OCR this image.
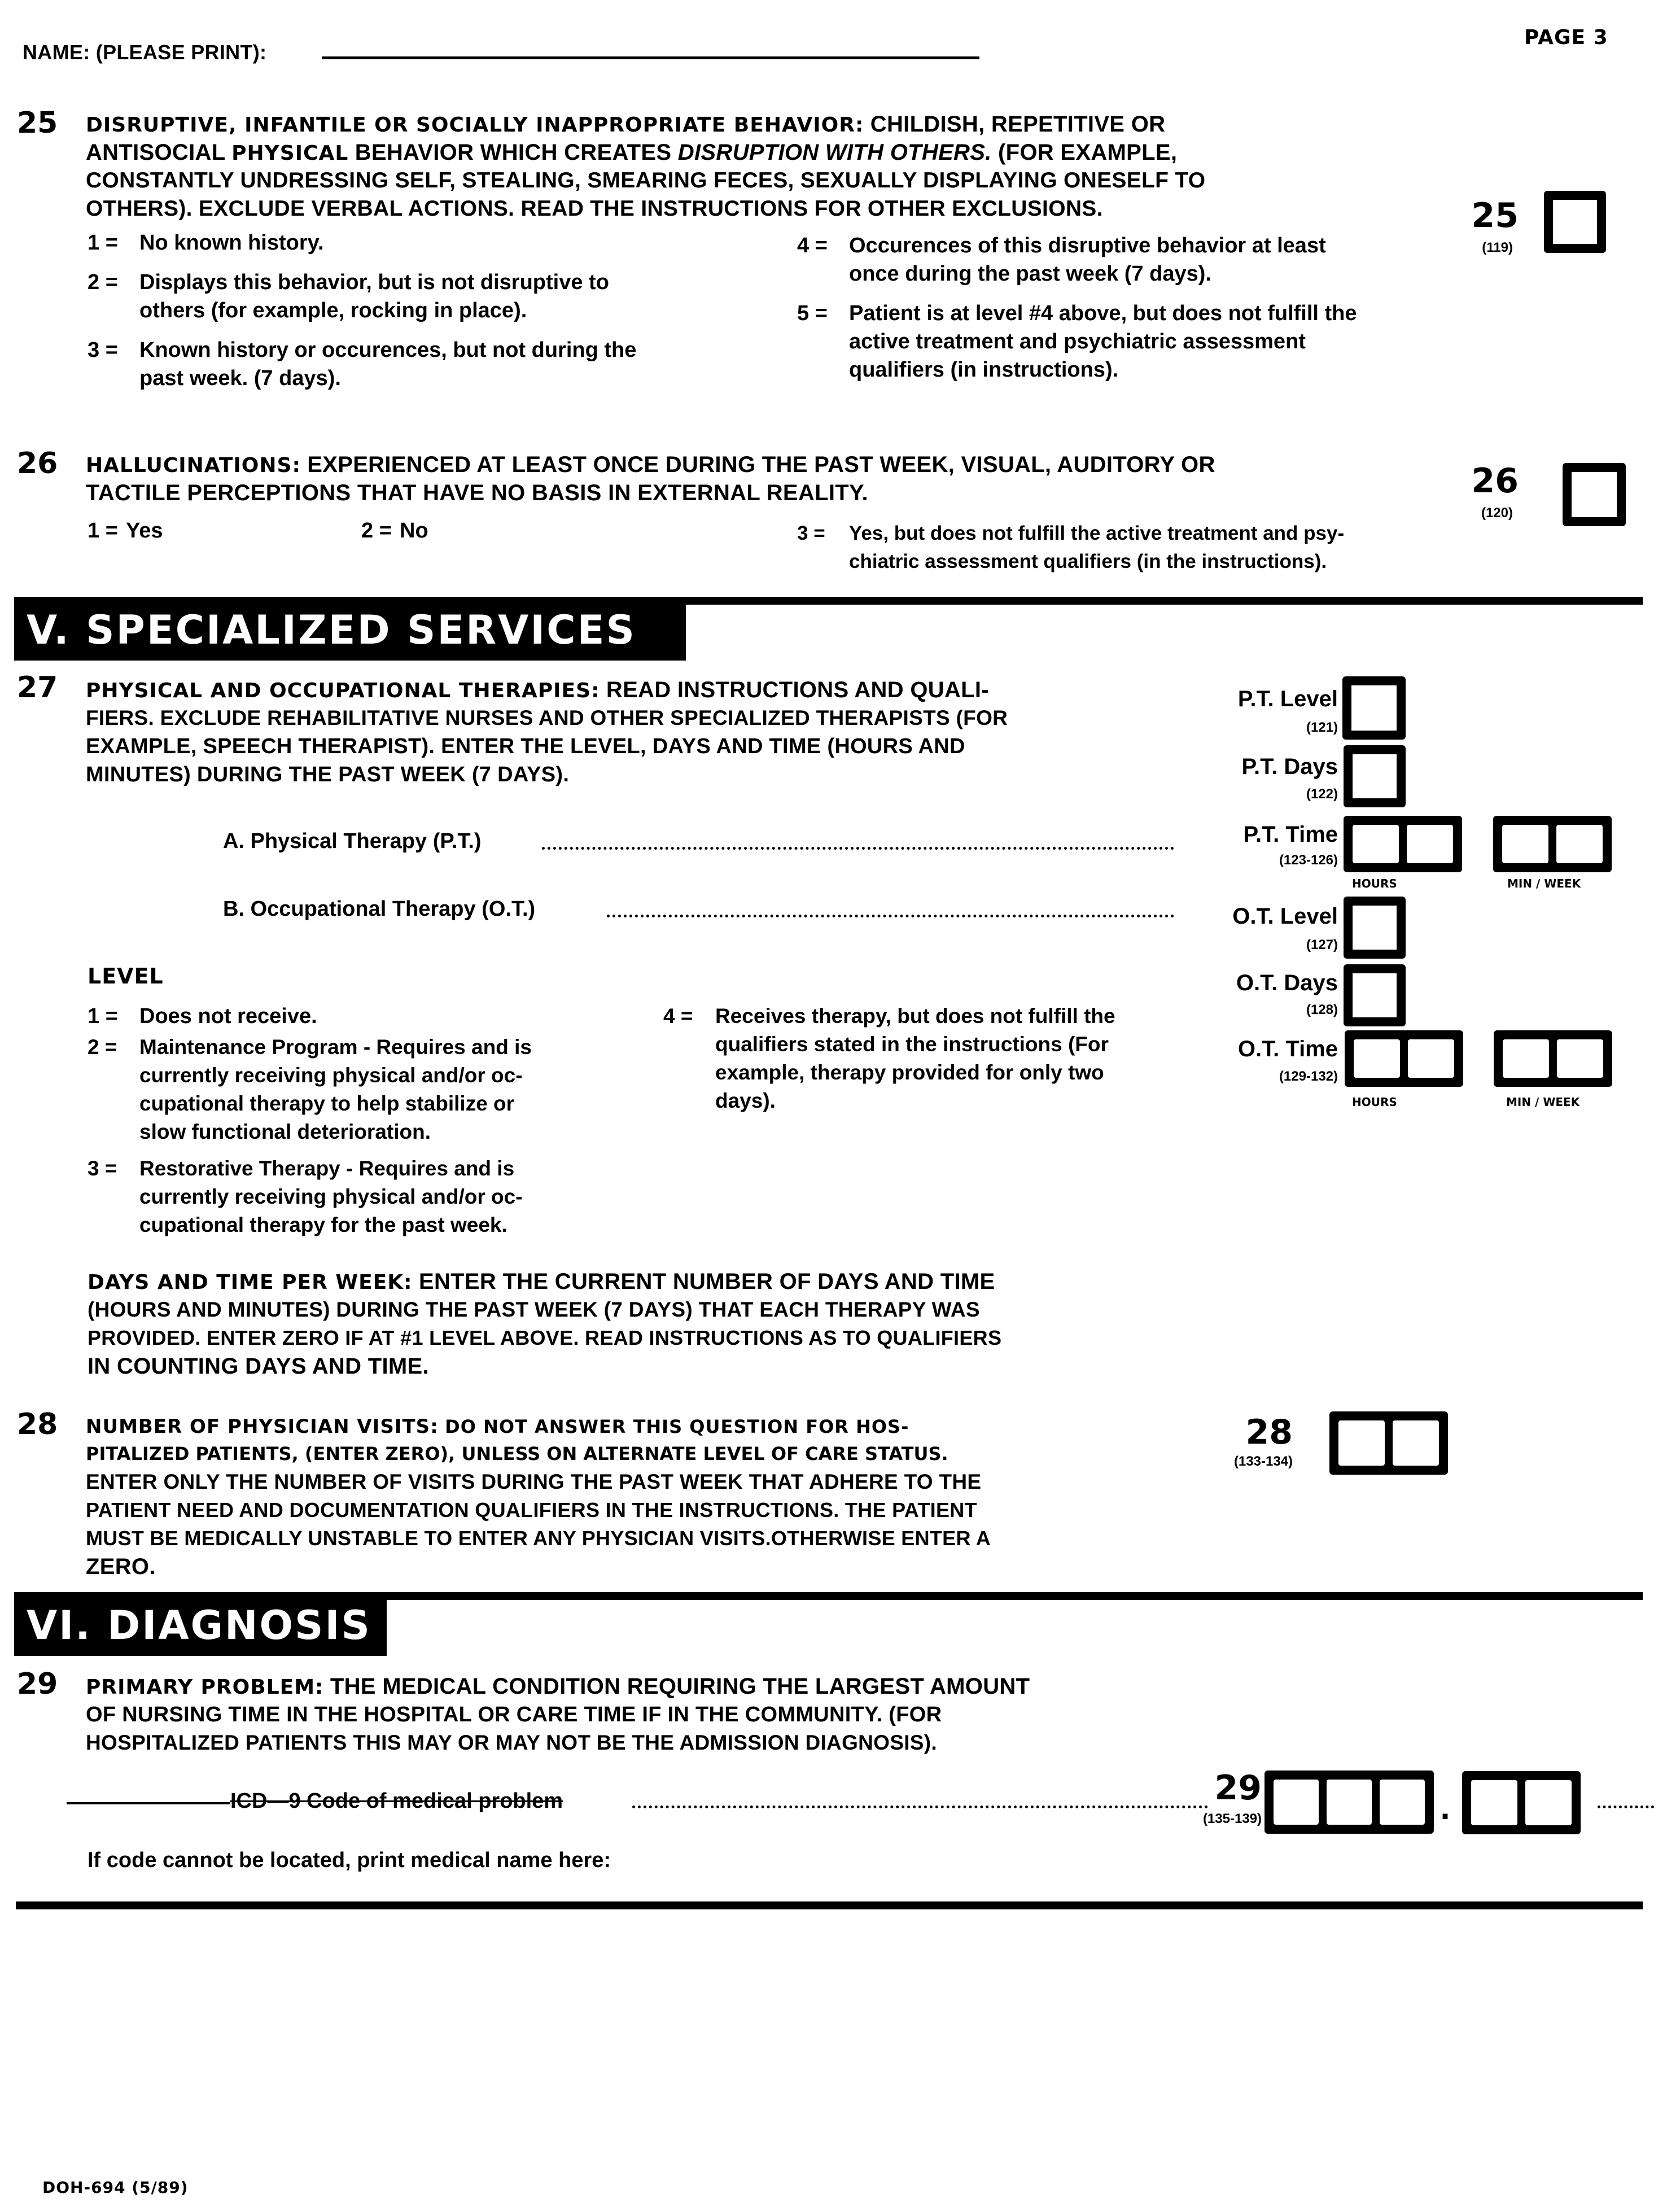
NAME: (PLEASE PRINT):
PAGE 3
25 DISRUPTIVE, INFANTILE OR SOCIALLY INAPPROPRIATE BEHAVIOR: CHILDISH, REPETITIVE OR
ANTISOCIAL PHYSICAL BEHAVIOR WHICH CREATES DISRUPTION WITH OTHERS. (FOR EXAMPLE,
CONSTANTLY UNDRESSING SELF, STEALING, SMEARING FECES, SEXUALLY DISPLAYING ONESELF TO
OTHERS). EXCLUDE VERBAL ACTIONS. READ THE INSTRUCTIONS FOR OTHER EXCLUSIONS.
1 = No known history.
2 = Displays this behavior, but is not disruptive to
others (for example, rocking in place).
3 = Known history or occurences, but not during the
past week. (7 days).
4 = Occurences of this disruptive behavior at least
once during the past week (7 days).
5 = Patient is at level #4 above, but does not fulfill the
active treatment and psychiatric assessment
qualifiers (in instructions).
25
(119)
26 HALLUCINATIONS: EXPERIENCED AT LEAST ONCE DURING THE PAST WEEK, VISUAL, AUDITORY OR
TACTILE PERCEPTIONS THAT HAVE NO BASIS IN EXTERNAL REALITY.
1 = Yes	2 = No	3 = Yes, but does not fulfill the active treatment and psy-
chiatric assessment qualifiers (in the instructions).
26
(120)
V. SPECIALIZED SERVICES
27 PHYSICAL AND OCCUPATIONAL THERAPIES: READ INSTRUCTIONS AND QUALI-
FIERS. EXCLUDE REHABILITATIVE NURSES AND OTHER SPECIALIZED THERAPISTS (FOR
EXAMPLE, SPEECH THERAPIST). ENTER THE LEVEL, DAYS AND TIME (HOURS AND
MINUTES) DURING THE PAST WEEK (7 DAYS).
A. Physical Therapy (P.T.)
B. Occupational Therapy (O.T.)
LEVEL
1 = Does not receive.
2 = Maintenance Program - Requires and is
currently receiving physical and/or oc-
cupational therapy to help stabilize or
slow functional deterioration.
3 = Restorative Therapy - Requires and is
currently receiving physical and/or oc-
cupational therapy for the past week.
4 = Receives therapy, but does not fulfill the
qualifiers stated in the instructions (For
example, therapy provided for only two
days).
DAYS AND TIME PER WEEK: ENTER THE CURRENT NUMBER OF DAYS AND TIME
(HOURS AND MINUTES) DURING THE PAST WEEK (7 DAYS) THAT EACH THERAPY WAS
PROVIDED. ENTER ZERO IF AT #1 LEVEL ABOVE. READ INSTRUCTIONS AS TO QUALIFIERS
IN COUNTING DAYS AND TIME.
P.T. Level
(121)
P.T. Days
(122)
P.T. Time
(123-126)
HOURS	MIN / WEEK
O.T. Level
(127)
O.T. Days
(128)
O.T. Time
(129-132)
HOURS	MIN / WEEK
28 NUMBER OF PHYSICIAN VISITS: DO NOT ANSWER THIS QUESTION FOR HOS-
PITALIZED PATIENTS, (ENTER ZERO), UNLESS ON ALTERNATE LEVEL OF CARE STATUS.
ENTER ONLY THE NUMBER OF VISITS DURING THE PAST WEEK THAT ADHERE TO THE
PATIENT NEED AND DOCUMENTATION QUALIFIERS IN THE INSTRUCTIONS. THE PATIENT
MUST BE MEDICALLY UNSTABLE TO ENTER ANY PHYSICIAN VISITS.OTHERWISE ENTER A
ZERO.
28
(133-134)
VI. DIAGNOSIS
29 PRIMARY PROBLEM: THE MEDICAL CONDITION REQUIRING THE LARGEST AMOUNT
OF NURSING TIME IN THE HOSPITAL OR CARE TIME IF IN THE COMMUNITY. (FOR
HOSPITALIZED PATIENTS THIS MAY OR MAY NOT BE THE ADMISSION DIAGNOSIS).
ICD—9 Code of medical problem	29
(135-139)	.
If code cannot be located, print medical name here:
DOH-694 (5/89)
